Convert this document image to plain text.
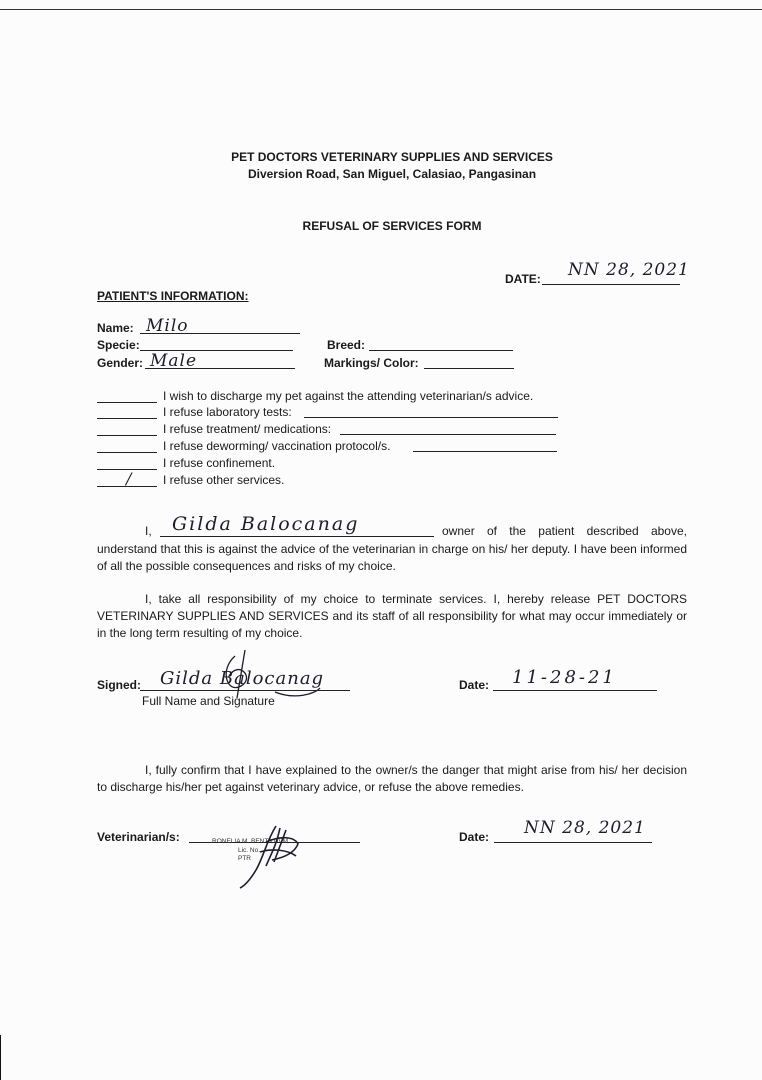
PET DOCTORS VETERINARY SUPPLIES AND SERVICES
Diversion Road, San Miguel, Calasiao, Pangasinan
REFUSAL OF SERVICES FORM
DATE: NN 28, 2021
PATIENT'S INFORMATION:
Name: Milo
Specie:	Breed:
Gender: Male	Markings/ Color:
I wish to discharge my pet against the attending veterinarian/s advice.
I refuse laboratory tests:
I refuse treatment/ medications:
I refuse deworming/ vaccination protocol/s.
I refuse confinement.
/	I refuse other services.
I, Gilda Balocanag	owner of the patient described above,
understand that this is against the advice of the veterinarian in charge on his/ her deputy. I have been informed of all the possible consequences and risks of my choice.
I, take all responsibility of my choice to terminate services. I, hereby release PET DOCTORS VETERINARY SUPPLIES AND SERVICES and its staff of all responsibility for what may occur immediately or in the long term resulting of my choice.
Signed: Gilda Balocanag
Full Name and Signature
Date: 11-28-21
I, fully confirm that I have explained to the owner/s the danger that might arise from his/ her decision to discharge his/her pet against veterinary advice, or refuse the above remedies.
Veterinarian/s:	RONELIA M. BENTA DVM
Lic. No.
PTR
Date: NN 28, 2021
